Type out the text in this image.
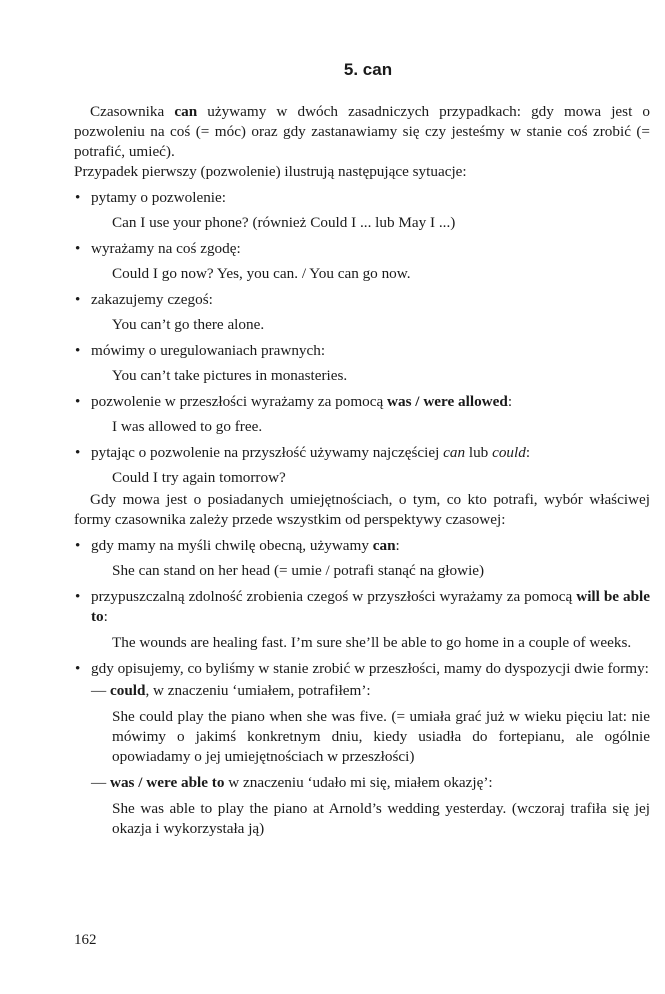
5. can

Czasownika can używamy w dwóch zasadniczych przypadkach: gdy mowa jest o pozwoleniu na coś (= móc) oraz gdy zastanawiamy się czy jesteśmy w stanie coś zrobić (= potrafić, umieć).

Przypadek pierwszy (pozwolenie) ilustrują następujące sytuacje:

• pytamy o pozwolenie:

Can I use your phone? (również Could I ... lub May I ...)

• wyrażamy na coś zgodę:

Could I go now? Yes, you can. / You can go now.

• zakazujemy czegoś:

You can’t go there alone.

• mówimy o uregulowaniach prawnych:

You can’t take pictures in monasteries.

• pozwolenie w przeszłości wyrażamy za pomocą was / were allowed:

I was allowed to go free.

• pytając o pozwolenie na przyszłość używamy najczęściej can lub could:

Could I try again tomorrow?

Gdy mowa jest o posiadanych umiejętnościach, o tym, co kto potrafi, wybór właściwej formy czasownika zależy przede wszystkim od perspektywy czasowej:

• gdy mamy na myśli chwilę obecną, używamy can:

She can stand on her head (= umie / potrafi stanąć na głowie)

• przypuszczalną zdolność zrobienia czegoś w przyszłości wyrażamy za pomocą will be able to:

The wounds are healing fast. I’m sure she’ll be able to go home in a couple of weeks.

• gdy opisujemy, co byliśmy w stanie zrobić w przeszłości, mamy do dyspozycji dwie formy:

— could, w znaczeniu ‘umiałem, potrafiłem’:

She could play the piano when she was five. (= umiała grać już w wieku pięciu lat: nie mówimy o jakimś konkretnym dniu, kiedy usiadła do fortepianu, ale ogólnie opowiadamy o jej umiejętnościach w przeszłości)

— was / were able to w znaczeniu ‘udało mi się, miałem okazję’:

She was able to play the piano at Arnold’s wedding yesterday. (wczoraj trafiła się jej okazja i wykorzystała ją)

162
